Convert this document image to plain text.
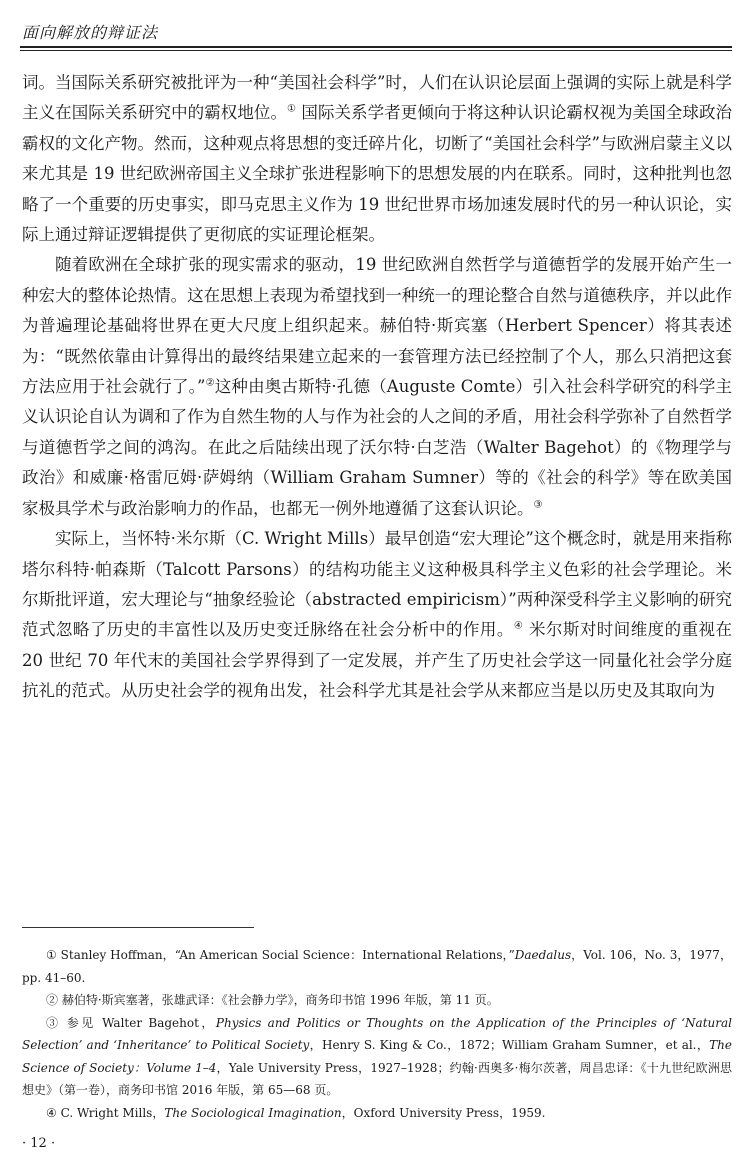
面向解放的辩证法

词。当国际关系研究被批评为一种“美国社会科学”时，人们在认识论层面上强调的实际上就是科学主义在国际关系研究中的霸权地位。① 国际关系学者更倾向于将这种认识论霸权视为美国全球政治霸权的文化产物。然而，这种观点将思想的变迁碎片化，切断了“美国社会科学”与欧洲启蒙主义以来尤其是 19 世纪欧洲帝国主义全球扩张进程影响下的思想发展的内在联系。同时，这种批判也忽略了一个重要的历史事实，即马克思主义作为 19 世纪世界市场加速发展时代的另一种认识论，实际上通过辩证逻辑提供了更彻底的实证理论框架。

随着欧洲在全球扩张的现实需求的驱动，19 世纪欧洲自然哲学与道德哲学的发展开始产生一种宏大的整体论热情。这在思想上表现为希望找到一种统一的理论整合自然与道德秩序，并以此作为普遍理论基础将世界在更大尺度上组织起来。赫伯特·斯宾塞（Herbert Spencer）将其表述为：“既然依靠由计算得出的最终结果建立起来的一套管理方法已经控制了个人，那么只消把这套方法应用于社会就行了。”②这种由奥古斯特·孔德（Auguste Comte）引入社会科学研究的科学主义认识论自认为调和了作为自然生物的人与作为社会的人之间的矛盾，用社会科学弥补了自然哲学与道德哲学之间的鸿沟。在此之后陆续出现了沃尔特·白芝浩（Walter Bagehot）的《物理学与政治》和威廉·格雷厄姆·萨姆纳（William Graham Sumner）等的《社会的科学》等在欧美国家极具学术与政治影响力的作品，也都无一例外地遵循了这套认识论。③

实际上，当怀特·米尔斯（C. Wright Mills）最早创造“宏大理论”这个概念时，就是用来指称塔尔科特·帕森斯（Talcott Parsons）的结构功能主义这种极具科学主义色彩的社会学理论。米尔斯批评道，宏大理论与“抽象经验论（abstracted empiricism）”两种深受科学主义影响的研究范式忽略了历史的丰富性以及历史变迁脉络在社会分析中的作用。④ 米尔斯对时间维度的重视在 20 世纪 70 年代末的美国社会学界得到了一定发展，并产生了历史社会学这一同量化社会学分庭抗礼的范式。从历史社会学的视角出发，社会科学尤其是社会学从来都应当是以历史及其取向为

① Stanley Hoffman，“An American Social Science：International Relations，”Daedalus，Vol. 106，No. 3，1977，pp. 41–60.

② 赫伯特·斯宾塞著，张雄武译：《社会静力学》，商务印书馆 1996 年版，第 11 页。

③ 参见 Walter Bagehot，Physics and Politics or Thoughts on the Application of the Principles of ‘Natural Selection’ and ‘Inheritance’ to Political Society，Henry S. King & Co.，1872；William Graham Sumner，et al.，The Science of Society：Volume 1–4，Yale University Press，1927–1928；约翰·西奥多·梅尔茨著，周昌忠译：《十九世纪欧洲思想史》（第一卷），商务印书馆 2016 年版，第 65—68 页。

④ C. Wright Mills，The Sociological Imagination，Oxford University Press，1959.

· 12 ·
